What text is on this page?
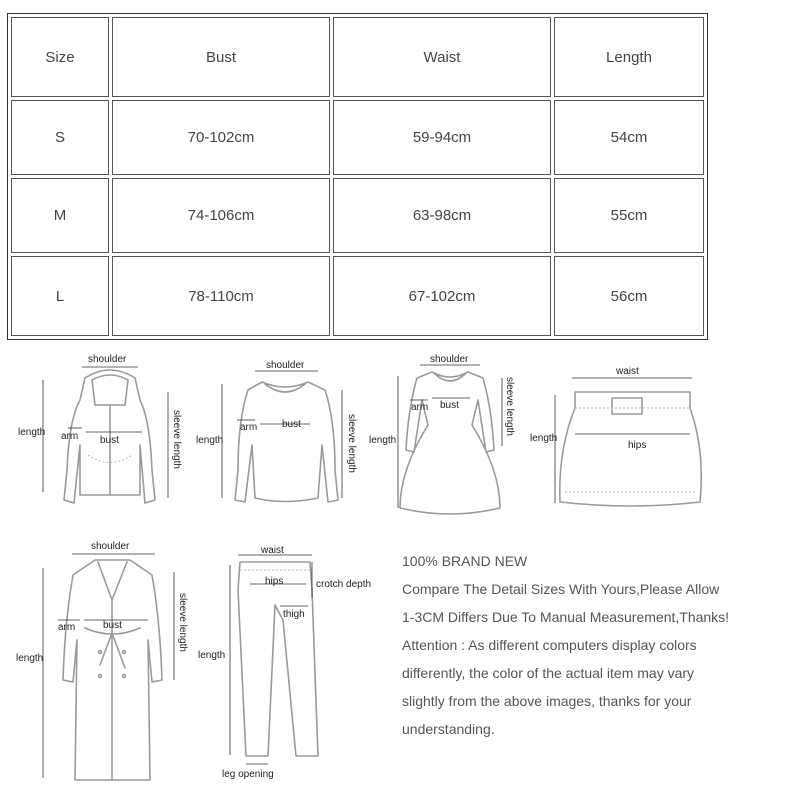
Size	Bust	Waist	Length
S	70-102cm	59-94cm	54cm
M	74-106cm	63-98cm	55cm
L	78-110cm	67-102cm	56cm
shoulder
length arm bust	sleeve length
shoulder
length
arm bust	sleeve length
shoulder
length
arm bust	sleeve length
waist
length
hips
shoulder
length
arm	bust	sleeve length
waist
hips	crotch depth
thigh
length
leg opening

100% BRAND NEW

Compare The Detail Sizes With Yours,Please Allow

1-3CM Differs Due To Manual Measurement,Thanks!

Attention : As different computers display colors

differently, the color of the actual item may vary

slightly from the above images, thanks for your

understanding.
